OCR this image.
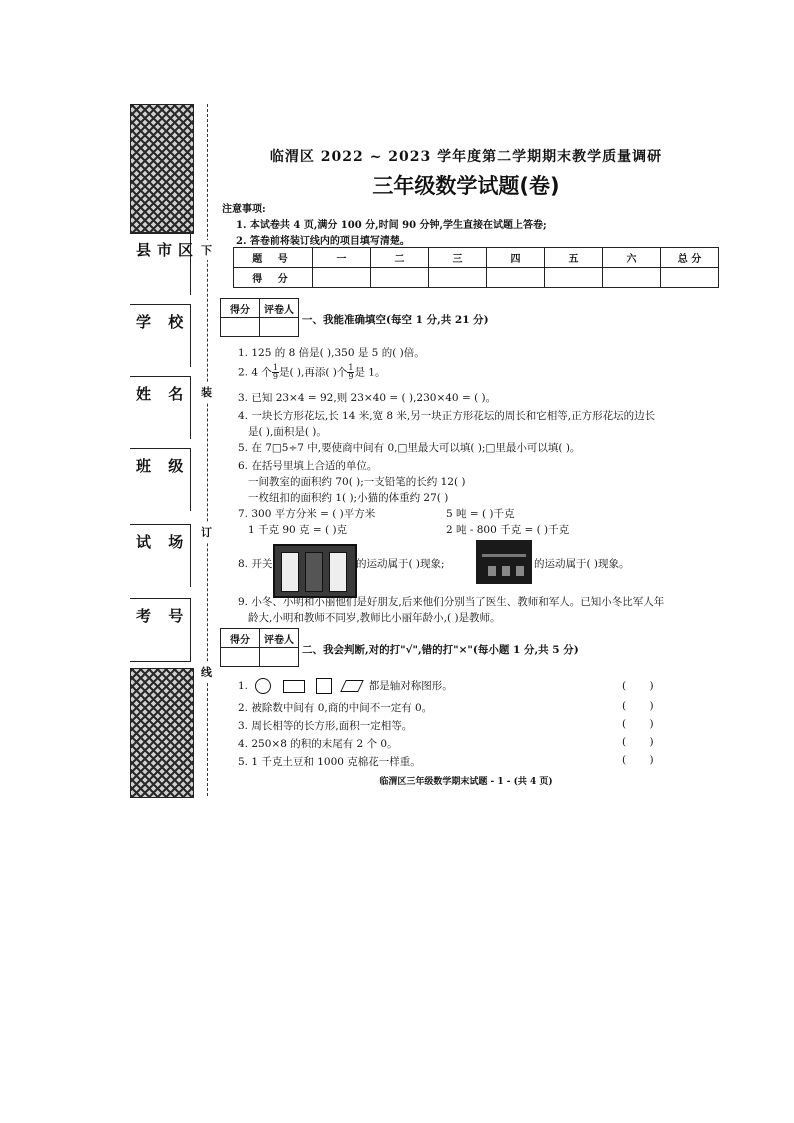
县市区
学 校
姓 名
班 级
试 场
考 号
下
装
订
线
临渭区 2022 ~ 2023 学年度第二学期期末教学质量调研
三年级数学试题(卷)
注意事项:
1. 本试卷共 4 页,满分 100 分,时间 90 分钟,学生直接在试题上答卷;
2. 答卷前将装订线内的项目填写清楚。
题 号	一	二	三	四	五	六	总 分
得 分							
得分	评卷人

一、我能准确填空(每空 1 分,共 21 分)
1. 125 的 8 倍是( ),350 是 5 的( )倍。
2. 4 个 $\frac{1}{9}$ 是( ),再添( )个 $\frac{1}{9}$ 是 1。
3. 已知 23×4 = 92,则 23×40 = ( ),230×40 = ( )。
4. 一块长方形花坛,长 14 米,宽 8 米,另一块正方形花坛的周长和它相等,正方形花坛的边长
是( ),面积是( )。
5. 在 7□5÷7 中,要使商中间有 0,□里最大可以填( );□里最小可以填( )。
6. 在括号里填上合适的单位。
一间教室的面积约 70( );一支铅笔的长约 12( )
一枚纽扣的面积约 1( );小猫的体重约 27( )
7. 300 平方分米 = ( )平方米	5 吨 = ( )千克
1 千克 90 克 = ( )克	2 吨 - 800 千克 = ( )千克
8. 开关	的运动属于( )现象;	的运动属于( )现象。
9. 小冬、小明和小丽他们是好朋友,后来他们分别当了医生、教师和军人。已知小冬比军人年
龄大,小明和教师不同岁,教师比小丽年龄小,( )是教师。
得分	评卷人

二、我会判断,对的打"√",错的打"×"(每小题 1 分,共 5 分)
1.	都是轴对称图形。	(       )
2. 被除数中间有 0,商的中间不一定有 0。	(       )
3. 周长相等的长方形,面积一定相等。	(       )
4. 250×8 的积的末尾有 2 个 0。	(       )
5. 1 千克土豆和 1000 克棉花一样重。	(       )
临渭区三年级数学期末试题 - 1 - (共 4 页)
